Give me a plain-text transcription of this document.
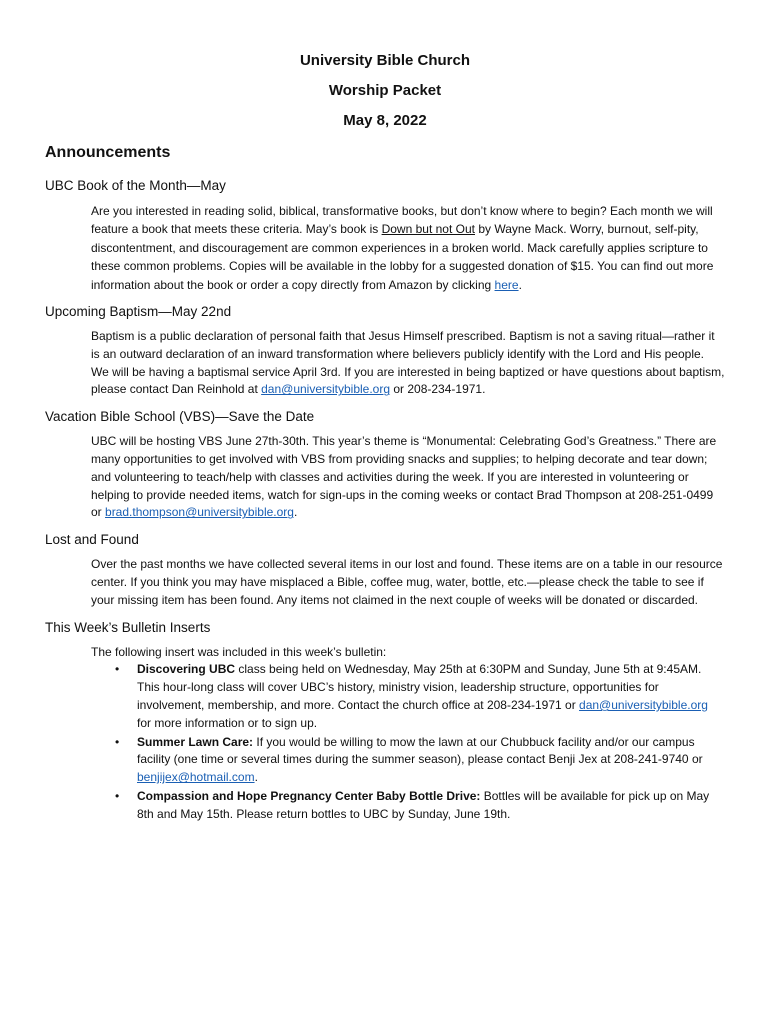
University Bible Church
Worship Packet
May 8, 2022
Announcements
UBC Book of the Month—May
Are you interested in reading solid, biblical, transformative books, but don’t know where to begin? Each month we will feature a book that meets these criteria. May’s book is Down but not Out by Wayne Mack. Worry, burnout, self-pity, discontentment, and discouragement are common experiences in a broken world. Mack carefully applies scripture to these common problems. Copies will be available in the lobby for a suggested donation of $15. You can find out more information about the book or order a copy directly from Amazon by clicking here.
Upcoming Baptism—May 22nd
Baptism is a public declaration of personal faith that Jesus Himself prescribed. Baptism is not a saving ritual—rather it is an outward declaration of an inward transformation where believers publicly identify with the Lord and His people. We will be having a baptismal service April 3rd. If you are interested in being baptized or have questions about baptism, please contact Dan Reinhold at dan@universitybible.org or 208-234-1971.
Vacation Bible School (VBS)—Save the Date
UBC will be hosting VBS June 27th-30th. This year’s theme is “Monumental: Celebrating God’s Greatness.” There are many opportunities to get involved with VBS from providing snacks and supplies; to helping decorate and tear down; and volunteering to teach/help with classes and activities during the week. If you are interested in volunteering or helping to provide needed items, watch for sign-ups in the coming weeks or contact Brad Thompson at 208-251-0499 or brad.thompson@universitybible.org.
Lost and Found
Over the past months we have collected several items in our lost and found. These items are on a table in our resource center. If you think you may have misplaced a Bible, coffee mug, water, bottle, etc.—please check the table to see if your missing item has been found. Any items not claimed in the next couple of weeks will be donated or discarded.
This Week’s Bulletin Inserts
The following insert was included in this week’s bulletin:
• Discovering UBC class being held on Wednesday, May 25th at 6:30PM and Sunday, June 5th at 9:45AM. This hour-long class will cover UBC’s history, ministry vision, leadership structure, opportunities for involvement, membership, and more. Contact the church office at 208-234-1971 or dan@universitybible.org for more information or to sign up.
• Summer Lawn Care: If you would be willing to mow the lawn at our Chubbuck facility and/or our campus facility (one time or several times during the summer season), please contact Benji Jex at 208-241-9740 or benjijex@hotmail.com.
• Compassion and Hope Pregnancy Center Baby Bottle Drive: Bottles will be available for pick up on May 8th and May 15th. Please return bottles to UBC by Sunday, June 19th.
